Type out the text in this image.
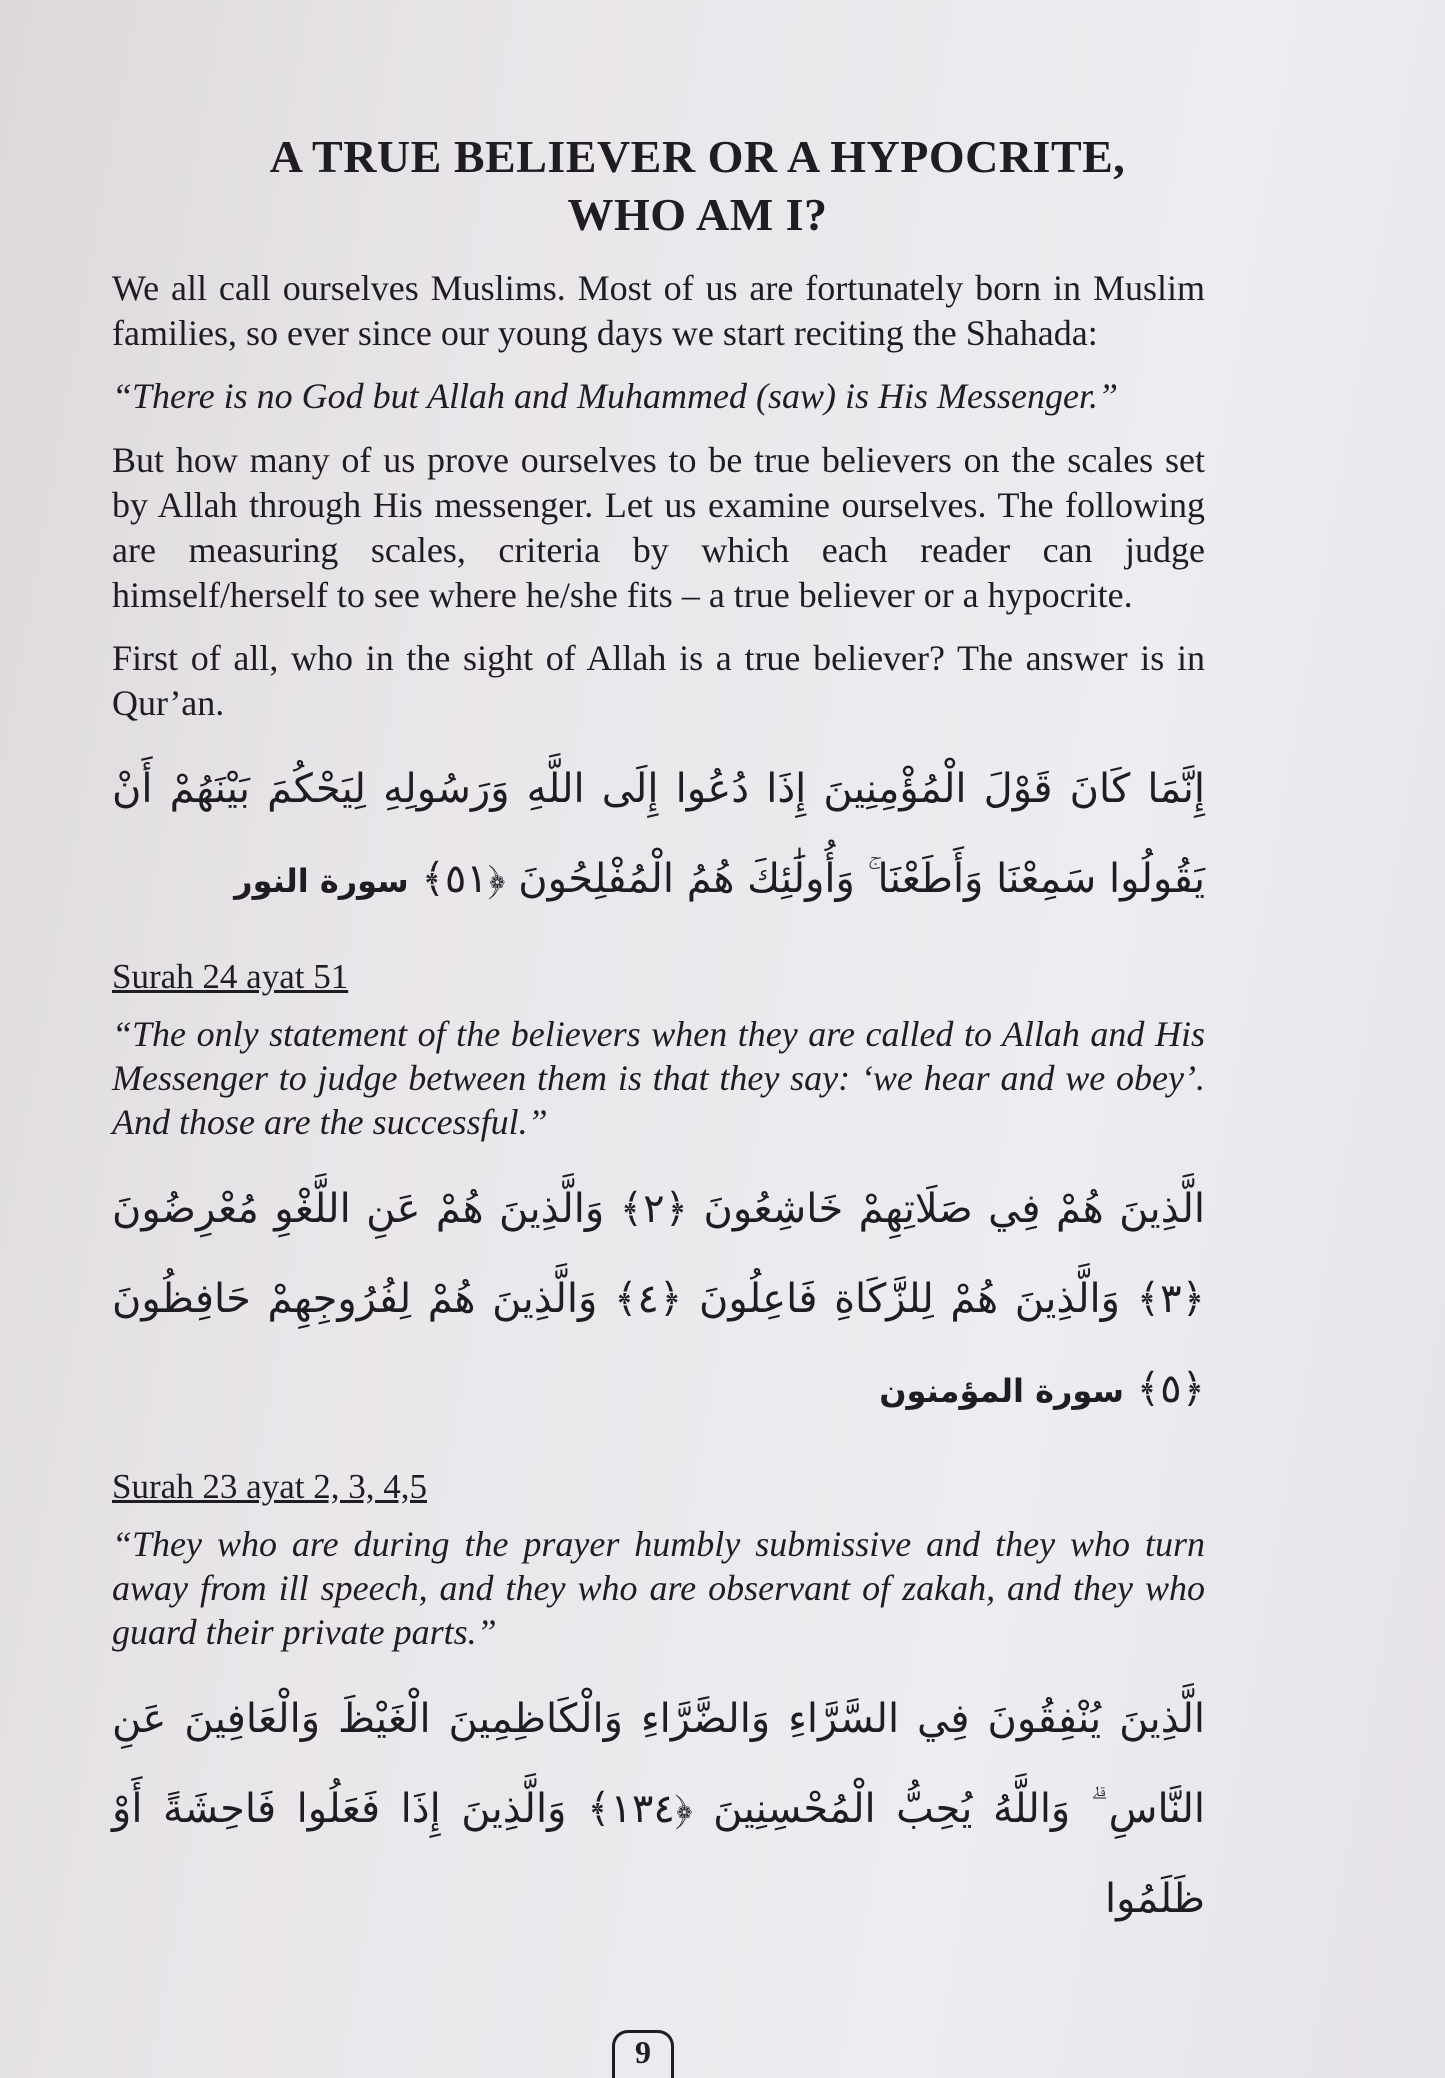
A TRUE BELIEVER OR A HYPOCRITE,
WHO AM I?

We all call ourselves Muslims. Most of us are fortunately born in Muslim families, so ever since our young days we start reciting the Shahada:

“There is no God but Allah and Muhammed (saw) is His Messenger.”

But how many of us prove ourselves to be true believers on the scales set by Allah through His messenger. Let us examine ourselves. The following are measuring scales, criteria by which each reader can judge himself/herself to see where he/she fits – a true believer or a hypocrite.

First of all, who in the sight of Allah is a true believer? The answer is in Qur’an.

إِنَّمَا كَانَ قَوْلَ الْمُؤْمِنِينَ إِذَا دُعُوا إِلَى اللَّهِ وَرَسُولِهِ لِيَحْكُمَ بَيْنَهُمْ أَنْ يَقُولُوا سَمِعْنَا وَأَطَعْنَا ۚ وَأُولَٰئِكَ هُمُ الْمُفْلِحُونَ ﴿٥١﴾ سورة النور

Surah 24 ayat 51

“The only statement of the believers when they are called to Allah and His Messenger to judge between them is that they say: ‘we hear and we obey’. And those are the successful.”

الَّذِينَ هُمْ فِي صَلَاتِهِمْ خَاشِعُونَ ﴿٢﴾ وَالَّذِينَ هُمْ عَنِ اللَّغْوِ مُعْرِضُونَ ﴿٣﴾ وَالَّذِينَ هُمْ لِلزَّكَاةِ فَاعِلُونَ ﴿٤﴾ وَالَّذِينَ هُمْ لِفُرُوجِهِمْ حَافِظُونَ ﴿٥﴾ سورة المؤمنون

Surah 23 ayat 2, 3, 4,5

“They who are during the prayer humbly submissive and they who turn away from ill speech, and they who are observant of zakah, and they who guard their private parts.”

الَّذِينَ يُنْفِقُونَ فِي السَّرَّاءِ وَالضَّرَّاءِ وَالْكَاظِمِينَ الْغَيْظَ وَالْعَافِينَ عَنِ النَّاسِ ۗ وَاللَّهُ يُحِبُّ الْمُحْسِنِينَ ﴿١٣٤﴾ وَالَّذِينَ إِذَا فَعَلُوا فَاحِشَةً أَوْ ظَلَمُوا
9
